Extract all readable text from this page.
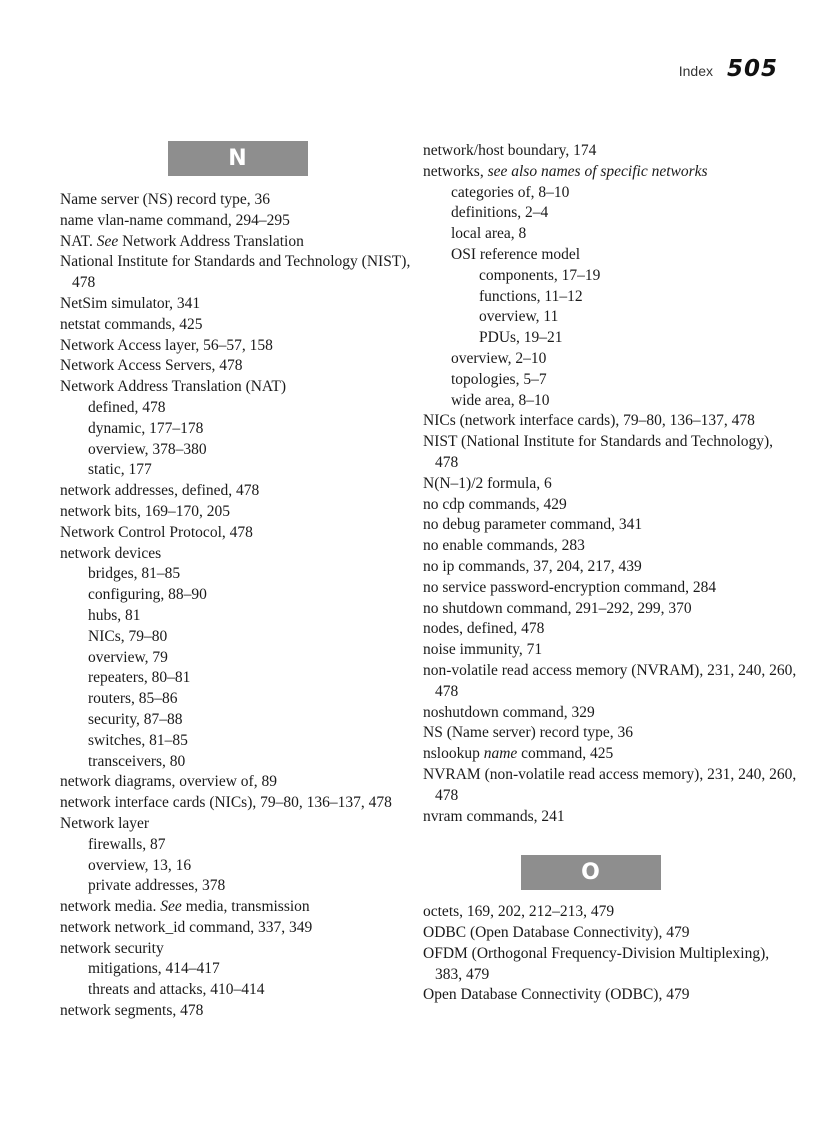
Index 505
N
Name server (NS) record type, 36
name vlan-name command, 294–295
NAT. See Network Address Translation
National Institute for Standards and Technology (NIST), 478
NetSim simulator, 341
netstat commands, 425
Network Access layer, 56–57, 158
Network Access Servers, 478
Network Address Translation (NAT)
defined, 478
dynamic, 177–178
overview, 378–380
static, 177
network addresses, defined, 478
network bits, 169–170, 205
Network Control Protocol, 478
network devices
bridges, 81–85
configuring, 88–90
hubs, 81
NICs, 79–80
overview, 79
repeaters, 80–81
routers, 85–86
security, 87–88
switches, 81–85
transceivers, 80
network diagrams, overview of, 89
network interface cards (NICs), 79–80, 136–137, 478
Network layer
firewalls, 87
overview, 13, 16
private addresses, 378
network media. See media, transmission
network network_id command, 337, 349
network security
mitigations, 414–417
threats and attacks, 410–414
network segments, 478
network/host boundary, 174
networks, see also names of specific networks
categories of, 8–10
definitions, 2–4
local area, 8
OSI reference model
components, 17–19
functions, 11–12
overview, 11
PDUs, 19–21
overview, 2–10
topologies, 5–7
wide area, 8–10
NICs (network interface cards), 79–80, 136–137, 478
NIST (National Institute for Standards and Technology), 478
N(N–1)/2 formula, 6
no cdp commands, 429
no debug parameter command, 341
no enable commands, 283
no ip commands, 37, 204, 217, 439
no service password-encryption command, 284
no shutdown command, 291–292, 299, 370
nodes, defined, 478
noise immunity, 71
non-volatile read access memory (NVRAM), 231, 240, 260, 478
noshutdown command, 329
NS (Name server) record type, 36
nslookup name command, 425
NVRAM (non-volatile read access memory), 231, 240, 260, 478
nvram commands, 241
O
octets, 169, 202, 212–213, 479
ODBC (Open Database Connectivity), 479
OFDM (Orthogonal Frequency-Division Multiplexing), 383, 479
Open Database Connectivity (ODBC), 479
